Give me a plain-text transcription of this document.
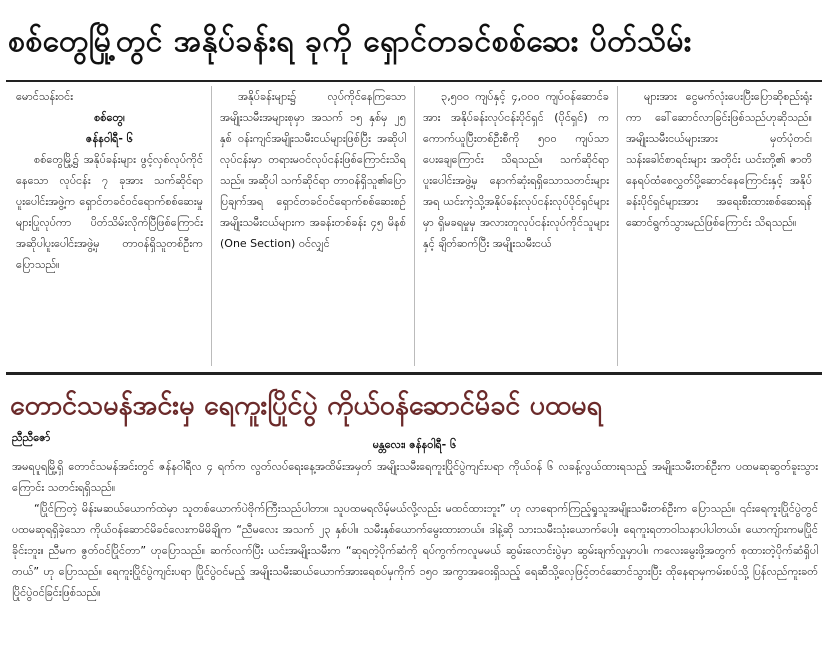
စစ်တွေမြို့တွင် အနိုပ်ခန်းရ ခုကို ရှောင်တခင်စစ်ဆေး ပိတ်သိမ်း
မောင်သန်းဝင်း
စစ်တွေ၊
ဇန်နဝါရီ- ၆

စစ်တွေမြို့၌ အနိုပ်ခန်းများ ဖွင့်လှစ်လုပ်ကိုင်နေသော လုပ်ငန်း ၇ ခုအား သက်ဆိုင်ရာပူးပေါင်းအဖွဲ့က ရှောင်တခင်ဝင်ရောက်စစ်ဆေးမှုများပြုလုပ်ကာ ပိတ်သိမ်းလိုက်ပြီဖြစ်ကြောင်း အဆိုပါပူးပေါင်းအဖွဲ့မှ တာဝန်ရှိသူတစ်ဦးကပြောသည်။

အနိုပ်ခန်းများ၌ လုပ်ကိုင်နေကြသော အမျိုးသမီးအများစုမှာ အသက် ၁၅ နှစ်မှ ၂၅ နှစ် ဝန်းကျင်အမျိုးသမီးငယ်များဖြစ်ပြီး အဆိုပါလုပ်ငန်းမှာ တရားမဝင်လုပ်ငန်းဖြစ်ကြောင်းသိရသည်။ အဆိုပါ သက်ဆိုင်ရာ တာဝန်ရှိသူ၏ပြောပြချက်အရ ရှောင်တခင်ဝင်ရောက်စစ်ဆေးစဉ် အမျိုးသမီးငယ်များက အခန်းတစ်ခန်း ၄၅ မိနစ် (One Section) ဝင်လျှင်

၃,၅၀၀ ကျပ်နှင့် ၄,၀၀၀ ကျပ်ဝန်ဆောင်ခအား အနိုပ်ခန်းလုပ်ငန်းပိုင်ရှင် (ပိုင်ရှင်) က ကောက်ယူပြီးတစ်ဦးစီကို ၅၀၀ ကျပ်သာ ပေးချေကြောင်း သိရသည်။ သက်ဆိုင်ရာ ပူးပေါင်းအဖွဲ့မှ နောက်ဆုံးရရှိသောသတင်းများအရ ယင်းကဲ့သို့အနိုပ်ခန်းလုပ်ငန်းလုပ်ပိုင်ရှင်များမှာ ရှိမခရမှုမှ အလားတူလုပ်ငန်းလုပ်ကိုင်သူများနှင့် ချိတ်ဆက်ပြီး အမျိုးသမီးငယ်

များအား ငွေမက်လုံးပေးပြီးပြောဆိုစည်းရုံးကာ ခေါ်ဆောင်လာခြင်းဖြစ်သည်ဟုဆိုသည်။ အမျိုးသမီးငယ်များအား မှတ်ပုံတင်၊ သန်းခေါင်စာရင်းများ အတိုင်း ယင်းတို့၏ ဇာတိနေရပ်ထံစေလွှတ်ပို့ဆောင်နေကြောင်းနှင့် အနိုပ်ခန်းပိုင်ရှင်များအား အရေးစီးထားစစ်ဆေးရန် ဆောင်ရွက်သွားမည်ဖြစ်ကြောင်း သိရသည်။

တောင်သမန်အင်းမှ ရေကူးပြိုင်ပွဲ ကိုယ်ဝန်ဆောင်မိခင် ပထမရ
ညီညီဇော်
မန္တလေး၊ ဇန်နဝါရီ- ၆

အမရပူရမြို့ရှိ တောင်သမန်အင်းတွင် ဇန်နဝါရီလ ၄ ရက်က လွတ်လပ်ရေးနေ့အထိမ်းအမှတ် အမျိုးသမီးရေကူးပြိုင်ပွဲကျင်းပရာ ကိုယ်ဝန် ၆ လခန့်လွယ်ထားရသည့် အမျိုးသမီးတစ်ဦးက ပထမဆုဆွတ်ခူးသွားကြောင်း သတင်းရရှိသည်။

“ပြိုင်ကြတဲ့ မိန်းမဆယ်ယောက်ထဲမှာ သူတစ်ယောက်ပဲဗိုက်ကြီးသည်ပါတာ။ သူပထမရလိမ့်မယ်လို့လည်း မထင်ထားဘူး” ဟု လာရောက်ကြည့်ရှုသူအမျိုးသမီးတစ်ဦးက ပြောသည်။ ၎င်းရေကူးပြိုင်ပွဲတွင် ပထမဆုရရှိခဲ့သော ကိုယ်ဝန်ဆောင်မိခင်လေးကမိမိချိုက “ညီမလေး အသက် ၂၃ နှစ်ပါ။ သမီးနှစ်ယောက်မွေးထားတယ်။ ဒါနဲ့ဆို သားသမီးသုံးယောက်ပေါ့။ ရေကူးရတာဝါသနာပါပါတယ်။ ယောကျ်ားကမပြိုင်ခိုင်းဘူး။ ညီမက ဇွတ်ဝင်ပြိုင်တာ” ဟုပြောသည်။ ဆက်လက်ပြီး ယင်းအမျိုးသမီးက “ဆုရတဲ့ပိုက်ဆံကို ရပ်ကွက်ကလူမမယ် ဆွမ်းလောင်းပွဲမှာ ဆွမ်းချက်လှူမှာပါ။ ကလေးမွေးဖို့အတွက် စုထားတဲ့ပိုက်ဆံရှိပါတယ်” ဟု ပြောသည်။ ရေကူးပြိုင်ပွဲကျင်းပရာ ပြိုင်ပွဲဝင်မည့် အမျိုးသမီးဆယ်ယောက်အားရေစပ်မှကိုက် ၁၅၀ အကွာအဝေးရှိသည့် ရေဆီသို့လှေဖြင့်တင်ဆောင်သွားပြီး ထိုနေရာမှကမ်းစပ်သို့ ပြန်လည်ကူးခတ်ပြိုင်ပွဲဝင်ခြင်းဖြစ်သည်။
